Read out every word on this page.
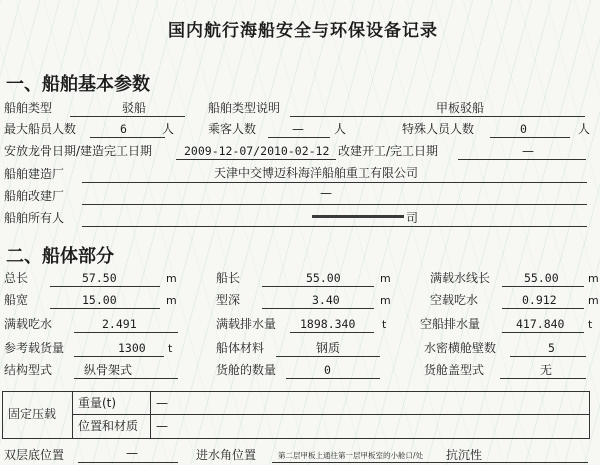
国内航行海船安全与环保设备记录
一、船舶基本参数
船舶类型	驳船	船舶类型说明	甲板驳船
最大船员人数	6	人	乘客人数	—	人	特殊人员人数	0	人
安放龙骨日期/建造完工日期	2009-12-07/2010-02-12 改建开工/完工日期	—
船舶建造厂	天津中交博迈科海洋船舶重工有限公司
船舶改建厂	—
船舶所有人	司
二、船体部分
总长	57.50	m	船长	55.00	m	满载水线长	55.00	m
船宽	15.00	m	型深	3.40	m	空载吃水	0.912	m
满载吃水	2.491	满载排水量 1898.340 t	空船排水量	417.840 t
参考载货量	1300 t	船体材料	钢质	水密横舱壁数	5
结构型式	纵骨架式	货舱的数量	0	货舱盖型式	无
固定压载
重量(t)	—
位置和材质 —
双层底位置	—	进水角位置	第二层甲板上通往第一层甲板室的小舱口/处 抗沉性
